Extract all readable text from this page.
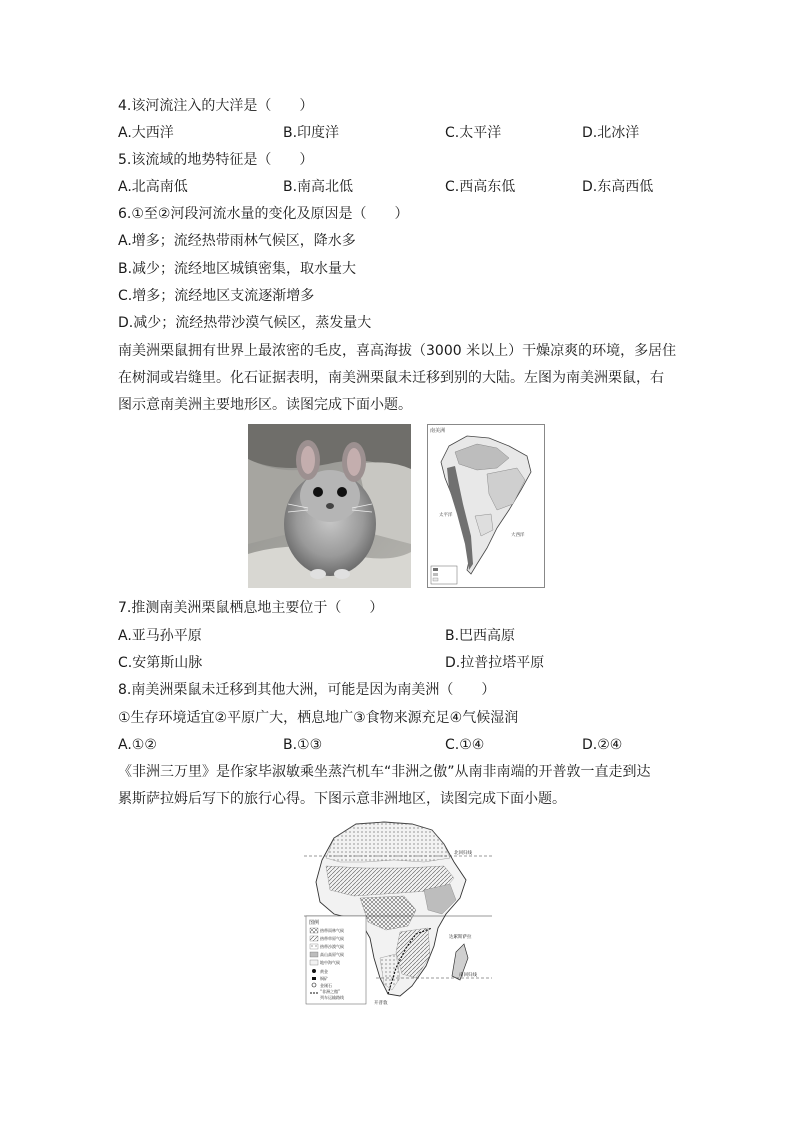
4.该河流注入的大洋是（　　）
A.大西洋	B.印度洋	C.太平洋	D.北冰洋
5.该流域的地势特征是（　　）
A.北高南低	B.南高北低	C.西高东低	D.东高西低
6.①至②河段河流水量的变化及原因是（　　）
A.增多；流经热带雨林气候区，降水多
B.减少；流经地区城镇密集，取水量大
C.增多；流经地区支流逐渐增多
D.减少；流经热带沙漠气候区，蒸发量大
南美洲栗鼠拥有世界上最浓密的毛皮，喜高海拔（3000 米以上）干燥凉爽的环境，多居住
在树洞或岩缝里。化石证据表明，南美洲栗鼠未迁移到别的大陆。左图为南美洲栗鼠，右
图示意南美洲主要地形区。读图完成下面小题。
南美洲
太平洋
大西洋
7.推测南美洲栗鼠栖息地主要位于（　　）
A.亚马孙平原	B.巴西高原
C.安第斯山脉	D.拉普拉塔平原
8.南美洲栗鼠未迁移到其他大洲，可能是因为南美洲（　　）
①生存环境适宜②平原广大，栖息地广③食物来源充足④气候湿润
A.①②	B.①③	C.①④	D.②④
《非洲三万里》是作家毕淑敏乘坐蒸汽机车“非洲之傲”从南非南端的开普敦一直走到达
累斯萨拉姆后写下的旅行心得。下图示意非洲地区，读图完成下面小题。
北回归线
达累斯萨拉
南回归线
开普敦
图例
热带雨林气候
热带草原气候
热带沙漠气候
高山高原气候
地中海气候
黄金
铜矿
金刚石
“非洲之傲”
列车运输路线
